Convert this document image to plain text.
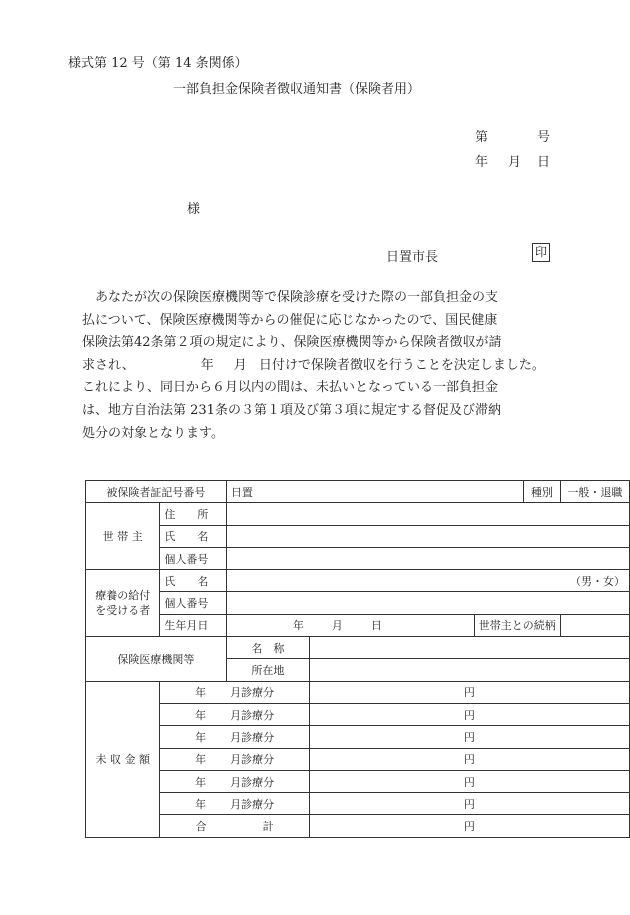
様式第 12 号（第 14 条関係）
一部負担金保険者徴収通知書（保険者用）
第	号
年 月 日
様
日置市長	印
あなたが次の保険医療機関等で保険診療を受けた際の一部負担金の支
払について、保険医療機関等からの催促に応じなかったので、国民健康
保険法第42条第２項の規定により、保険医療機関等から保険者徴収が請
求され、	年 月 日付けで保険者徴収を行うことを決定しました。
これにより、同日から６月以内の間は、未払いとなっている一部負担金
は、地方自治法第 231条の３第１項及び第３項に規定する督促及び滞納
処分の対象となります。
被保険者証記号番号		日置			種別	一般・退職
世 帯 主	住　　所					
	氏　　名					
	個人番号					

療養の給付
を受ける者	氏　　名	（男・女）				
	個人番号					
	生年月日	年 月 日		世帯主との続柄		
保険医療機関等		名　称				
		所在地				
未 収 金 額	年 月診療分		円			
	年 月診療分		円			
	年 月診療分		円			
	年 月診療分		円			
	年 月診療分		円			
	年 月診療分		円			
	合 計		円			
